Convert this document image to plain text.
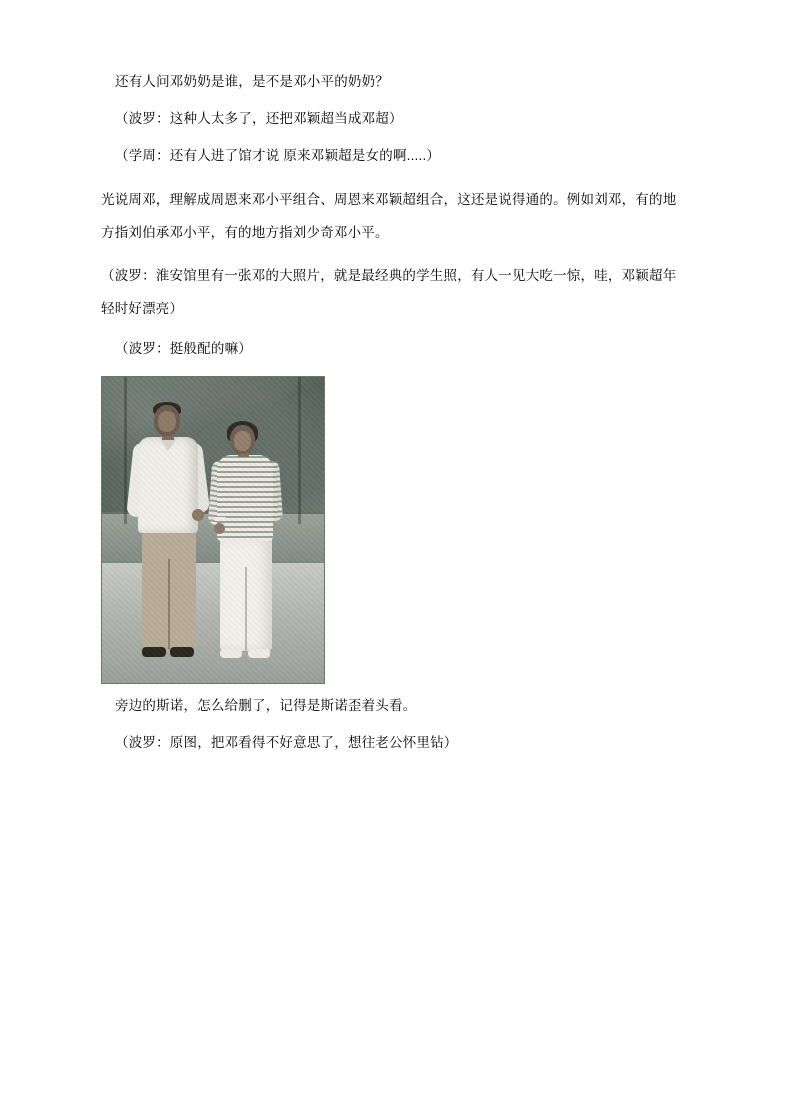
还有人问邓奶奶是谁，是不是邓小平的奶奶？

（波罗：这种人太多了，还把邓颖超当成邓超）

（学周：还有人进了馆才说 原来邓颖超是女的啊.....）

光说周邓，理解成周恩来邓小平组合、周恩来邓颖超组合，这还是说得通的。例如刘邓，有的地方指刘伯承邓小平，有的地方指刘少奇邓小平。

（波罗：淮安馆里有一张邓的大照片，就是最经典的学生照，有人一见大吃一惊，哇，邓颖超年轻时好漂亮）

（波罗：挺般配的嘛）

旁边的斯诺，怎么给删了，记得是斯诺歪着头看。

（波罗：原图，把邓看得不好意思了，想往老公怀里钻）
